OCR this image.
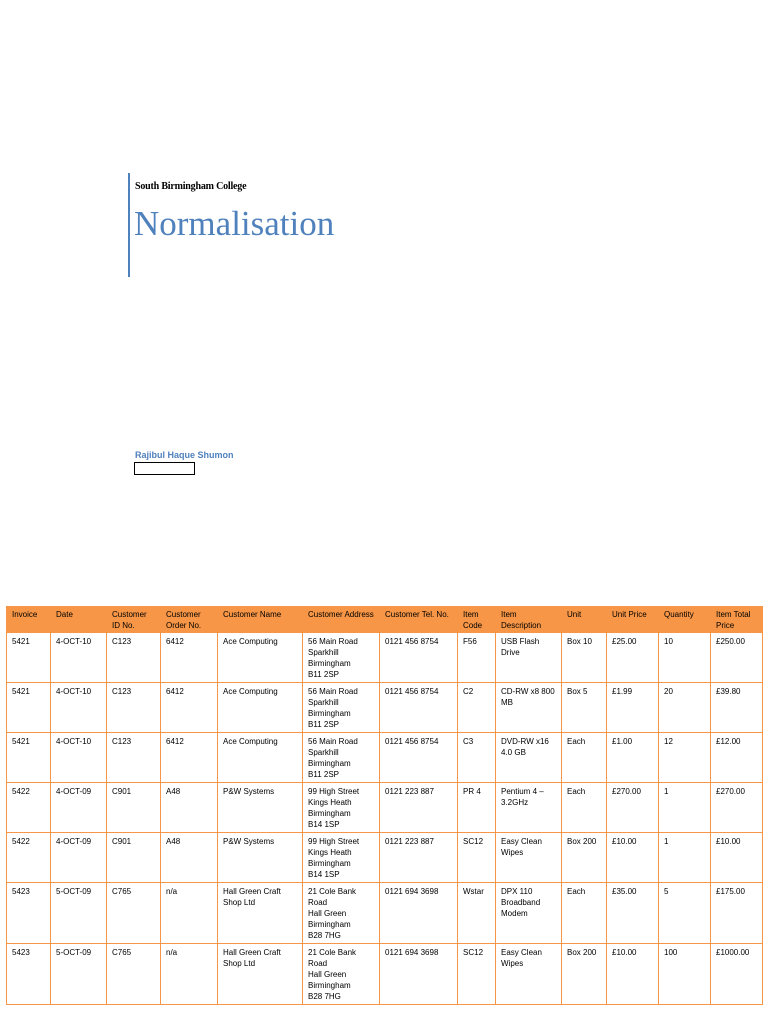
South Birmingham College
Normalisation
Rajibul Haque Shumon
Invoice	Date	Customer ID No.	Customer Order No.	Customer Name	Customer Address	Customer Tel. No.	Item Code	Item Description	Unit	Unit Price	Quantity	Item Total Price
5421	4-OCT-10	C123	6412	Ace Computing	56 Main Road
Sparkhill
Birmingham
B11 2SP	0121 456 8754	F56	USB Flash Drive	Box 10	£25.00	10	£250.00
5421	4-OCT-10	C123	6412	Ace Computing	56 Main Road
Sparkhill
Birmingham
B11 2SP	0121 456 8754	C2	CD-RW x8 800 MB	Box 5	£1.99	20	£39.80
5421	4-OCT-10	C123	6412	Ace Computing	56 Main Road
Sparkhill
Birmingham
B11 2SP	0121 456 8754	C3	DVD-RW x16 4.0 GB	Each	£1.00	12	£12.00
5422	4-OCT-09	C901	A48	P&W Systems	99 High Street
Kings Heath
Birmingham
B14 1SP	0121 223 887	PR 4	Pentium 4 – 3.2GHz	Each	£270.00	1	£270.00
5422	4-OCT-09	C901	A48	P&W Systems	99 High Street
Kings Heath
Birmingham
B14 1SP	0121 223 887	SC12	Easy Clean Wipes	Box 200	£10.00	1	£10.00
5423	5-OCT-09	C765	n/a	Hall Green Craft Shop Ltd	21 Cole Bank Road
Hall Green
Birmingham
B28 7HG	0121 694 3698	Wstar	DPX 110 Broadband Modem	Each	£35.00	5	£175.00
5423	5-OCT-09	C765	n/a	Hall Green Craft Shop Ltd	21 Cole Bank Road
Hall Green
Birmingham
B28 7HG	0121 694 3698	SC12	Easy Clean Wipes	Box 200	£10.00	100	£1000.00
